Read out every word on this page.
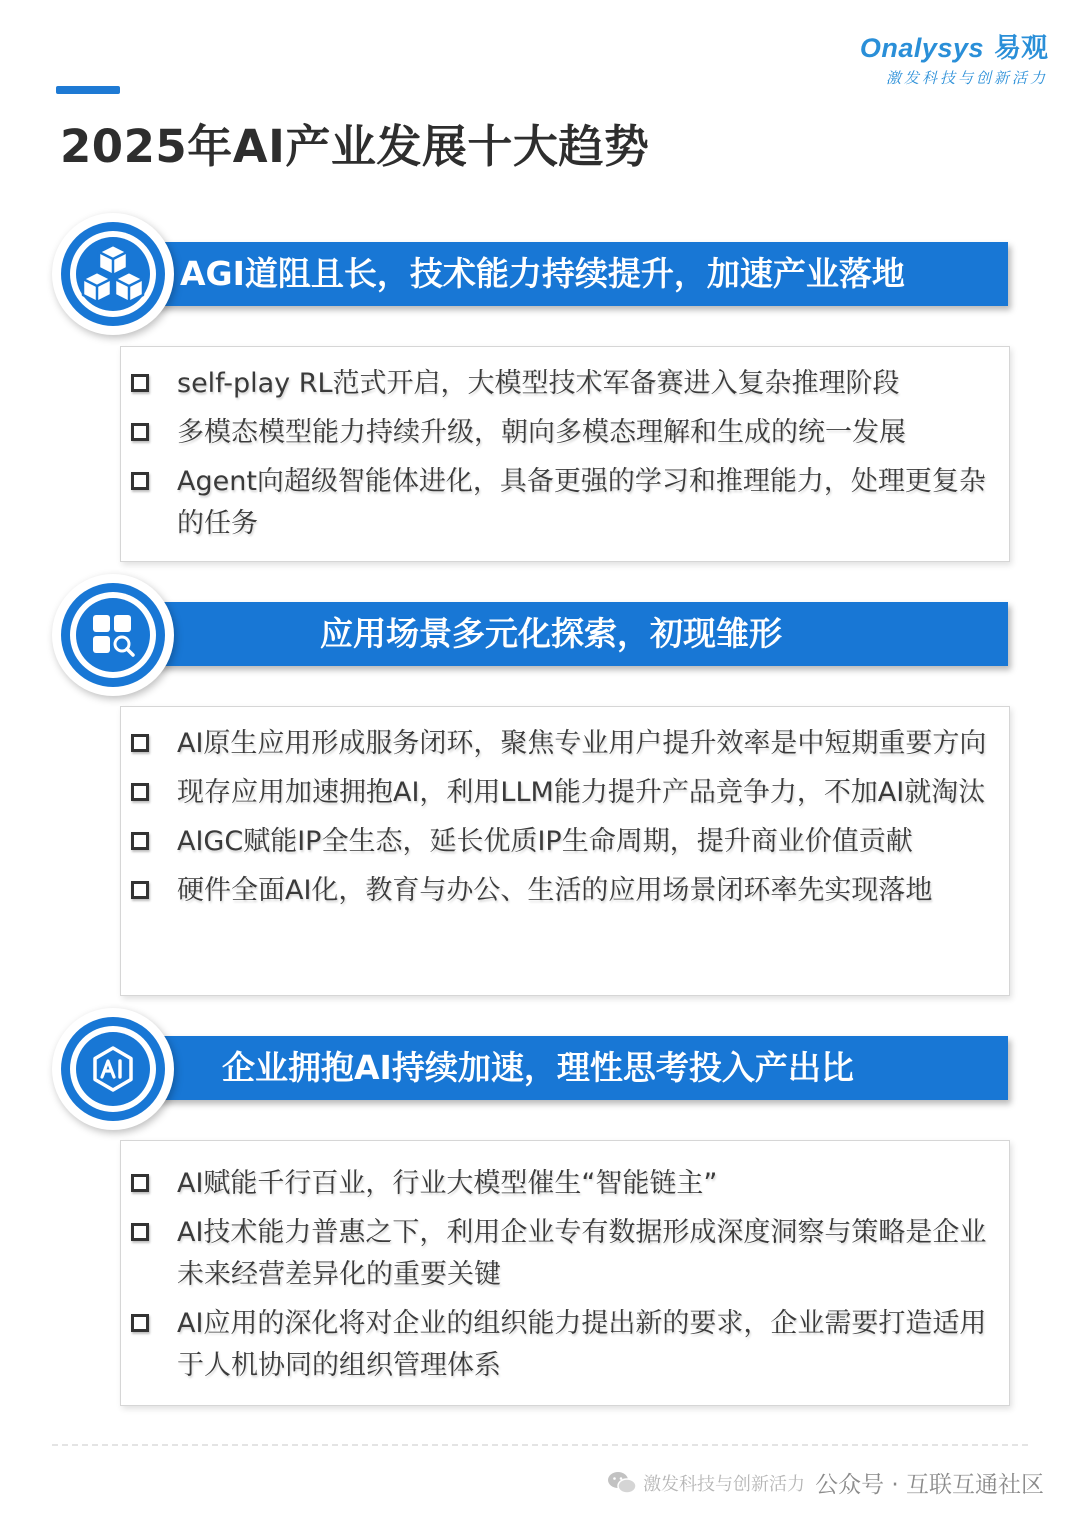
Onalysys 易观
激发科技与创新活力
2025年AI产业发展十大趋势
AGI道阻且长，技术能力持续提升，加速产业落地
self-play RL范式开启，大模型技术军备赛进入复杂推理阶段
多模态模型能力持续升级，朝向多模态理解和生成的统一发展
Agent向超级智能体进化，具备更强的学习和推理能力，处理更复杂的任务
应用场景多元化探索，初现雏形
AI原生应用形成服务闭环，聚焦专业用户提升效率是中短期重要方向
现存应用加速拥抱AI，利用LLM能力提升产品竞争力，不加AI就淘汰
AIGC赋能IP全生态，延长优质IP生命周期，提升商业价值贡献
硬件全面AI化，教育与办公、生活的应用场景闭环率先实现落地
企业拥抱AI持续加速，理性思考投入产出比
AI赋能千行百业，行业大模型催生“智能链主”
AI技术能力普惠之下，利用企业专有数据形成深度洞察与策略是企业未来经营差异化的重要关键
AI应用的深化将对企业的组织能力提出新的要求，企业需要打造适用于人机协同的组织管理体系
激发科技与创新活力 公众号 · 互联互通社区
